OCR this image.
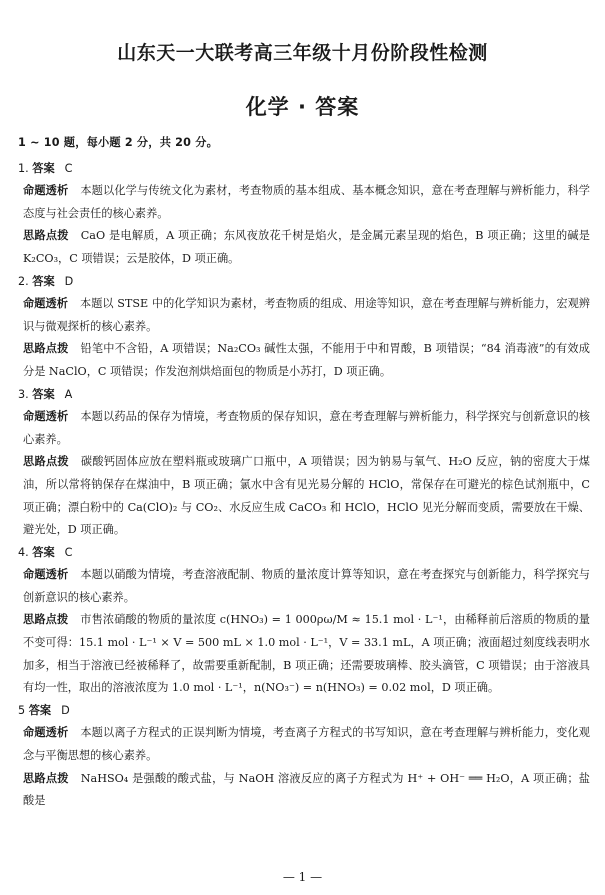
山东天一大联考高三年级十月份阶段性检测
化学 · 答案
1 ~ 10 题，每小题 2 分，共 20 分。
1. 答案 C
命题透析 本题以化学与传统文化为素材，考查物质的基本组成、基本概念知识，意在考查理解与辨析能力，科学态度与社会责任的核心素养。
思路点拨 CaO 是电解质，A 项正确；东风夜放花千树是焰火，是金属元素呈现的焰色，B 项正确；这里的碱是 K₂CO₃，C 项错误；云是胶体，D 项正确。
2. 答案 D
命题透析 本题以 STSE 中的化学知识为素材，考查物质的组成、用途等知识，意在考查理解与辨析能力，宏观辨识与微观探析的核心素养。
思路点拨 铅笔中不含铅，A 项错误；Na₂CO₃ 碱性太强，不能用于中和胃酸，B 项错误；“84 消毒液”的有效成分是 NaClO，C 项错误；作发泡剂烘焙面包的物质是小苏打，D 项正确。
3. 答案 A
命题透析 本题以药品的保存为情境，考查物质的保存知识，意在考查理解与辨析能力，科学探究与创新意识的核心素养。
思路点拨 碳酸钙固体应放在塑料瓶或玻璃广口瓶中，A 项错误；因为钠易与氧气、H₂O 反应，钠的密度大于煤油，所以常将钠保存在煤油中，B 项正确；氯水中含有见光易分解的 HClO，常保存在可避光的棕色试剂瓶中，C 项正确；漂白粉中的 Ca(ClO)₂ 与 CO₂、水反应生成 CaCO₃ 和 HClO，HClO 见光分解而变质，需要放在干燥、避光处，D 项正确。
4. 答案 C
命题透析 本题以硝酸为情境，考查溶液配制、物质的量浓度计算等知识，意在考查探究与创新能力，科学探究与创新意识的核心素养。
思路点拨 市售浓硝酸的物质的量浓度 c(HNO₃) = 1 000ρω/M ≈ 15.1 mol · L⁻¹，由稀释前后溶质的物质的量不变可得：15.1 mol · L⁻¹ × V = 500 mL × 1.0 mol · L⁻¹，V = 33.1 mL，A 项正确；液面超过刻度线表明水加多，相当于溶液已经被稀释了，故需要重新配制，B 项正确；还需要玻璃棒、胶头滴管，C 项错误；由于溶液具有均一性，取出的溶液浓度为 1.0 mol · L⁻¹，n(NO₃⁻) = n(HNO₃) = 0.02 mol，D 项正确。
5 答案 D
命题透析 本题以离子方程式的正误判断为情境，考查离子方程式的书写知识，意在考查理解与辨析能力，变化观念与平衡思想的核心素养。
思路点拨 NaHSO₄ 是强酸的酸式盐，与 NaOH 溶液反应的离子方程式为 H⁺ + OH⁻ ══ H₂O，A 项正确；盐酸是
— 1 —
